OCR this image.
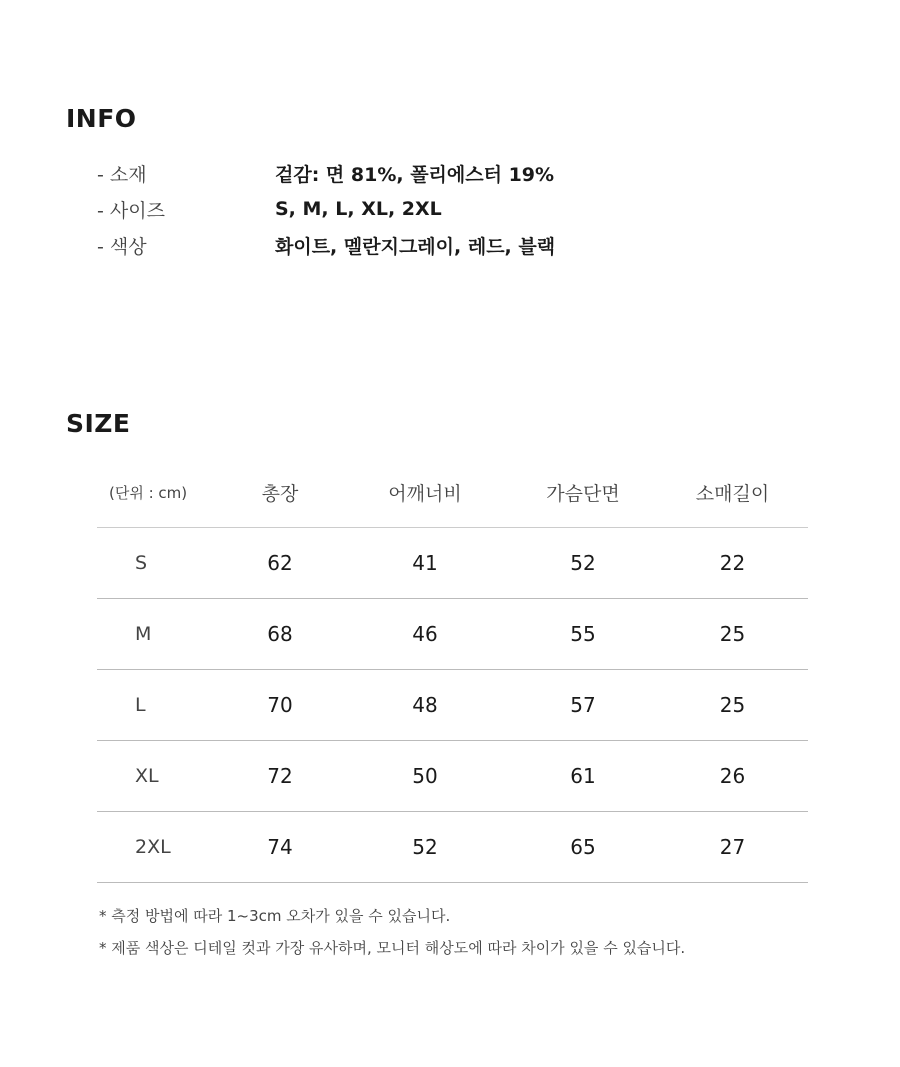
INFO
- 소재	겉감: 면 81%, 폴리에스터 19%
- 사이즈	S, M, L, XL, 2XL
- 색상	화이트, 멜란지그레이, 레드, 블랙
SIZE
(단위 : cm)	총장	어깨너비	가슴단면	소매길이
S	62	41	52	22
M	68	46	55	25
L	70	48	57	25
XL	72	50	61	26
2XL	74	52	65	27
* 측정 방법에 따라 1~3cm 오차가 있을 수 있습니다.
* 제품 색상은 디테일 컷과 가장 유사하며, 모니터 해상도에 따라 차이가 있을 수 있습니다.
